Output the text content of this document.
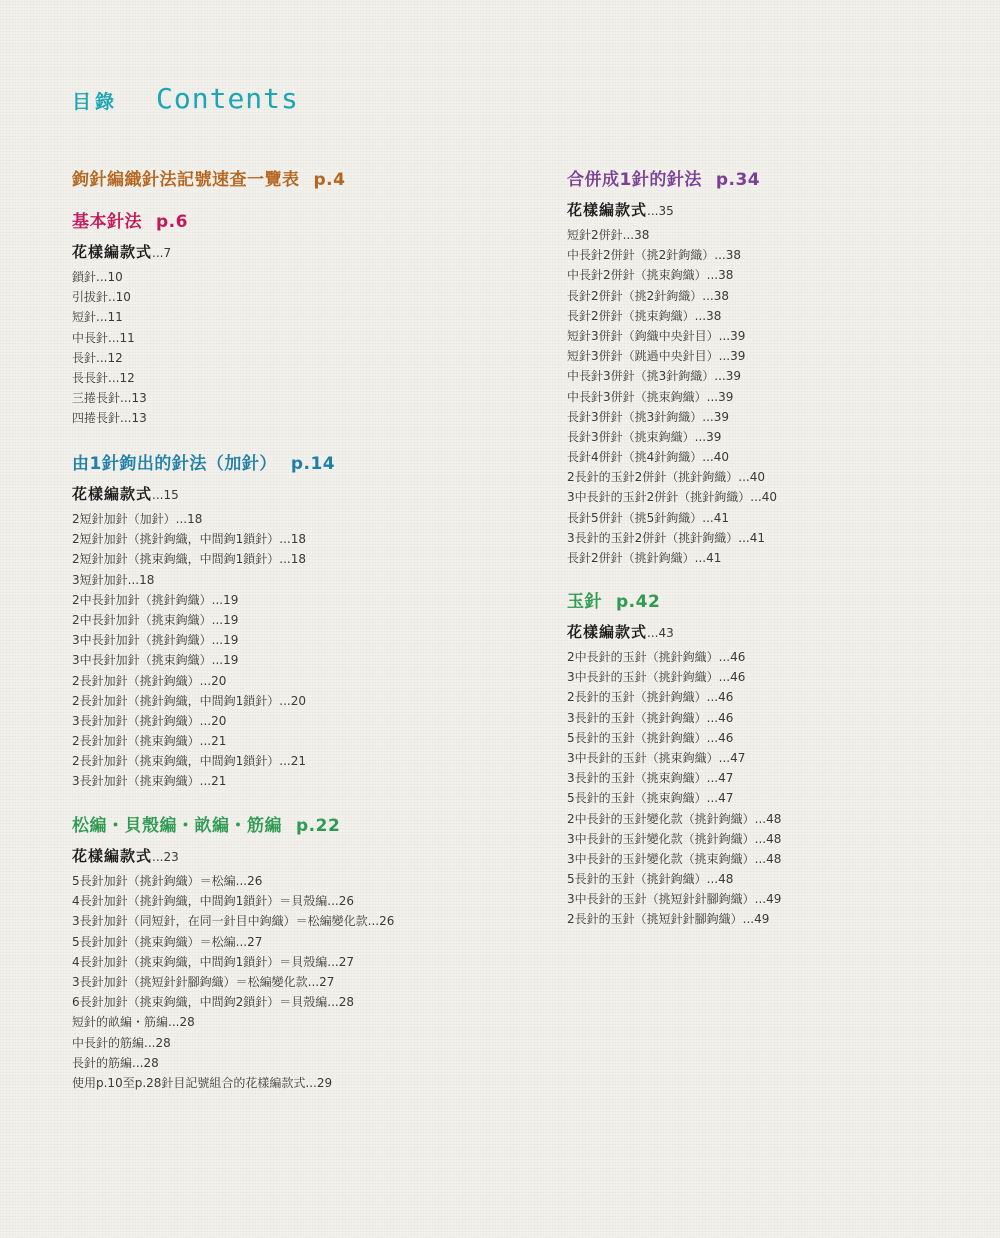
目錄 Contents
鉤針編織針法記號速查一覽表 p.4
基本針法 p.6
花樣編款式...7
鎖針...10
引拔針..10
短針...11
中長針...11
長針...12
長長針...12
三捲長針...13
四捲長針...13
由1針鉤出的針法（加針） p.14
花樣編款式...15
2短針加針（加針）...18
2短針加針（挑針鉤織，中間鉤1鎖針）...18
2短針加針（挑束鉤織，中間鉤1鎖針）...18
3短針加針...18
2中長針加針（挑針鉤織）...19
2中長針加針（挑束鉤織）...19
3中長針加針（挑針鉤織）...19
3中長針加針（挑束鉤織）...19
2長針加針（挑針鉤織）...20
2長針加針（挑針鉤織，中間鉤1鎖針）...20
3長針加針（挑針鉤織）...20
2長針加針（挑束鉤織）...21
2長針加針（挑束鉤織，中間鉤1鎖針）...21
3長針加針（挑束鉤織）...21
松編・貝殼編・畝編・筋編 p.22
花樣編款式...23
5長針加針（挑針鉤織）＝松編...26
4長針加針（挑針鉤織，中間鉤1鎖針）＝貝殼編...26
3長針加針（同短針，在同一針目中鉤織）＝松編變化款...26
5長針加針（挑束鉤織）＝松編...27
4長針加針（挑束鉤織，中間鉤1鎖針）＝貝殼編...27
3長針加針（挑短針針腳鉤織）＝松編變化款...27
6長針加針（挑束鉤織，中間鉤2鎖針）＝貝殼編...28
短針的畝編・筋編...28
中長針的筋編...28
長針的筋編...28
使用p.10至p.28針目記號組合的花樣編款式...29
合併成1針的針法 p.34
花樣編款式...35
短針2併針...38
中長針2併針（挑2針鉤織）...38
中長針2併針（挑束鉤織）...38
長針2併針（挑2針鉤織）...38
長針2併針（挑束鉤織）...38
短針3併針（鉤織中央針目）...39
短針3併針（跳過中央針目）...39
中長針3併針（挑3針鉤織）...39
中長針3併針（挑束鉤織）...39
長針3併針（挑3針鉤織）...39
長針3併針（挑束鉤織）...39
長針4併針（挑4針鉤織）...40
2長針的玉針2併針（挑針鉤織）...40
3中長針的玉針2併針（挑針鉤織）...40
長針5併針（挑5針鉤織）...41
3長針的玉針2併針（挑針鉤織）...41
長針2併針（挑針鉤織）...41
玉針 p.42
花樣編款式...43
2中長針的玉針（挑針鉤織）...46
3中長針的玉針（挑針鉤織）...46
2長針的玉針（挑針鉤織）...46
3長針的玉針（挑針鉤織）...46
5長針的玉針（挑針鉤織）...46
3中長針的玉針（挑束鉤織）...47
3長針的玉針（挑束鉤織）...47
5長針的玉針（挑束鉤織）...47
2中長針的玉針變化款（挑針鉤織）...48
3中長針的玉針變化款（挑針鉤織）...48
3中長針的玉針變化款（挑束鉤織）...48
5長針的玉針（挑針鉤織）...48
3中長針的玉針（挑短針針腳鉤織）...49
2長針的玉針（挑短針針腳鉤織）...49
